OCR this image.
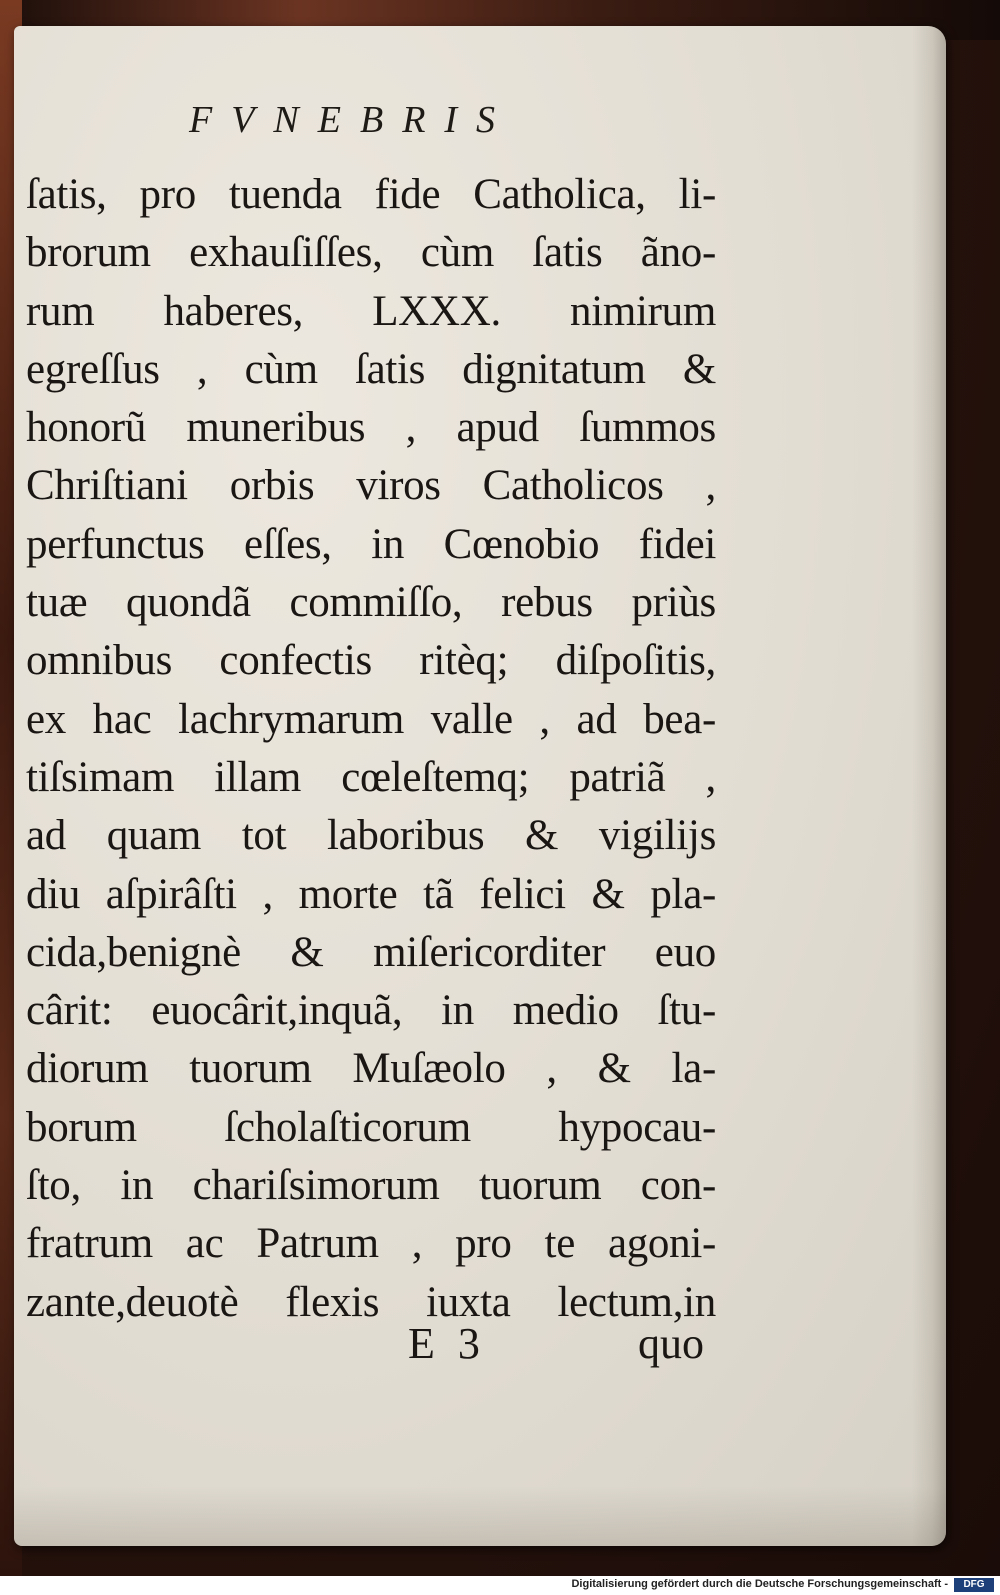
FVNEBRIS
ſatis, pro tuenda fide Catholica, li-
brorum exhauſiſſes, cùm ſatis ãno-
rum haberes, LXXX. nimirum
egreſſus , cùm ſatis dignitatum &
honorũ muneribus , apud ſummos
Chriſtiani orbis viros Catholicos ,
perfunctus eſſes, in Cœnobio fidei
tuæ quondã commiſſo, rebus priùs
omnibus confectis ritèq; diſpoſitis,
ex hac lachrymarum valle , ad bea-
tiſsimam illam cœleſtemq; patriã ,
ad quam tot laboribus & vigilijs
diu aſpirâſti , morte tã felici & pla-
cida,benignè & miſericorditer euo
cârit: euocârit,inquã, in medio ſtu-
diorum tuorum Muſæolo , & la-
borum ſcholaſticorum hypocau-
ſto, in chariſsimorum tuorum con-
fratrum ac Patrum , pro te agoni-
zante,deuotè flexis iuxta lectum,in
E 3	quo
Digitalisierung gefördert durch die Deutsche Forschungsgemeinschaft -	DFG
